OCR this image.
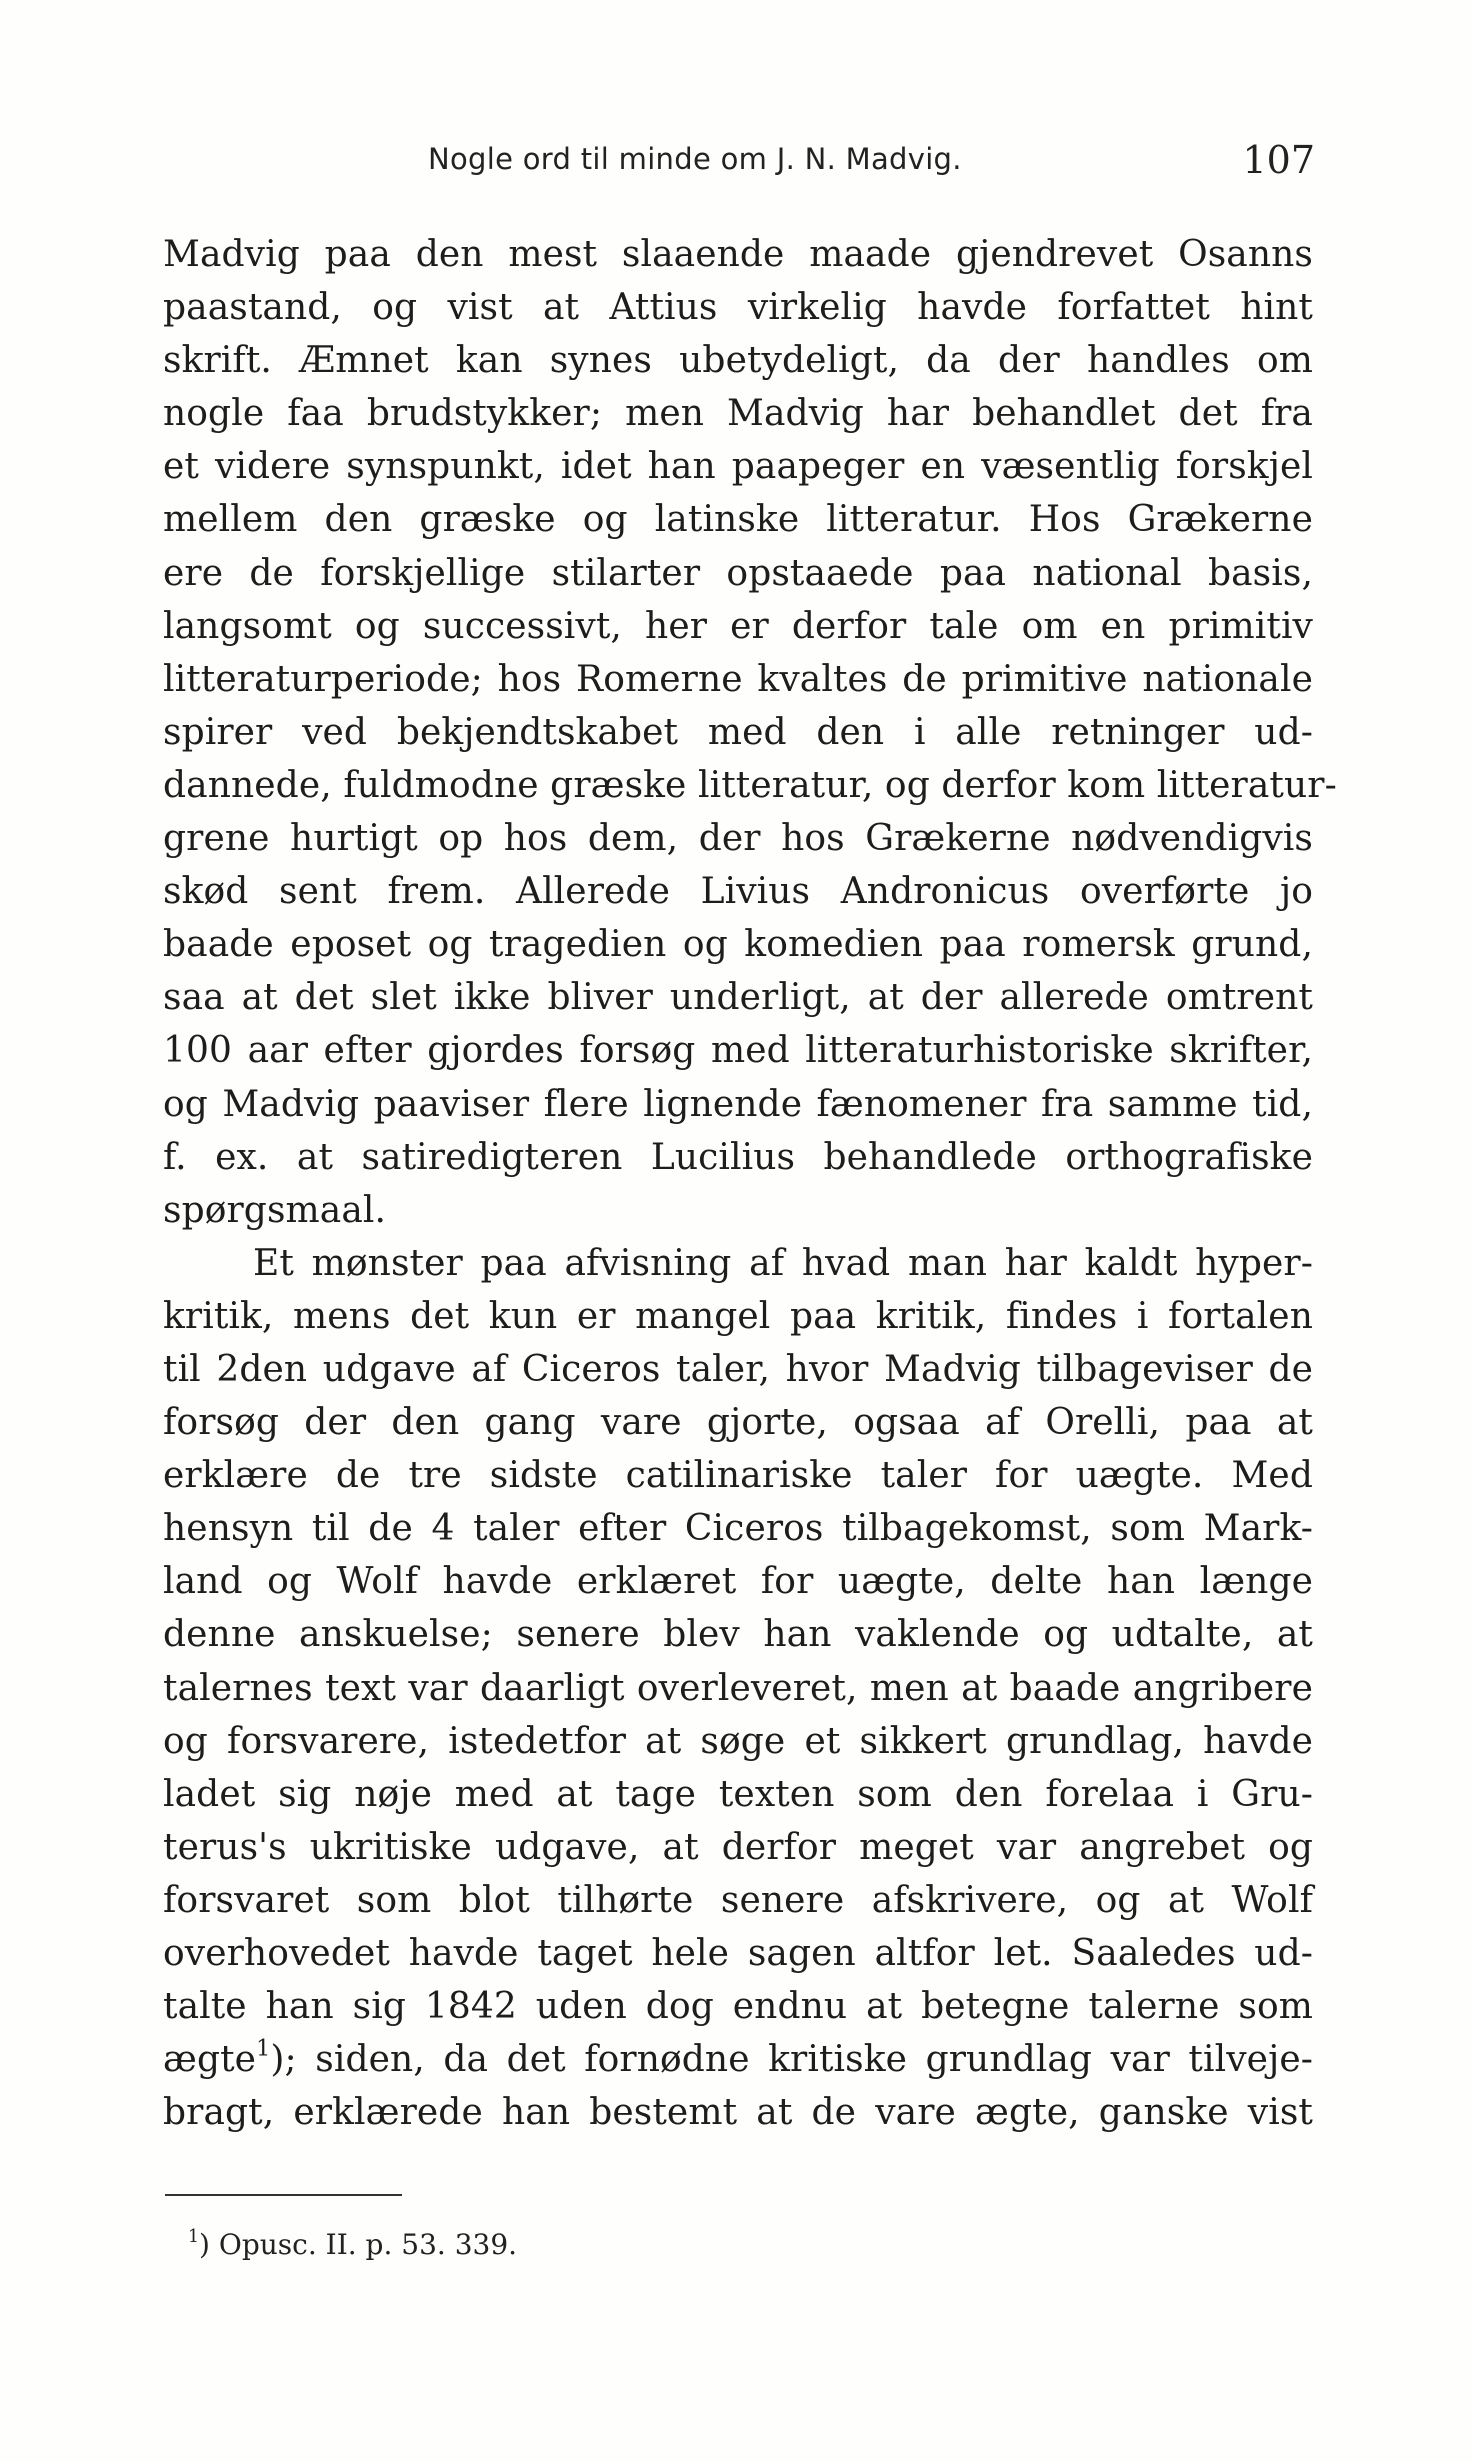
Nogle ord til minde om J. N. Madvig.	107
Madvig paa den mest slaaende maade gjendrevet Osanns
paastand, og vist at Attius virkelig havde forfattet hint
skrift. Æmnet kan synes ubetydeligt, da der handles om
nogle faa brudstykker; men Madvig har behandlet det fra
et videre synspunkt, idet han paapeger en væsentlig forskjel
mellem den græske og latinske litteratur. Hos Grækerne
ere de forskjellige stilarter opstaaede paa national basis,
langsomt og successivt, her er derfor tale om en primitiv
litteraturperiode; hos Romerne kvaltes de primitive nationale
spirer ved bekjendtskabet med den i alle retninger ud-
dannede, fuldmodne græske litteratur, og derfor kom litteratur-
grene hurtigt op hos dem, der hos Grækerne nødvendigvis
skød sent frem. Allerede Livius Andronicus overførte jo
baade eposet og tragedien og komedien paa romersk grund,
saa at det slet ikke bliver underligt, at der allerede omtrent
100 aar efter gjordes forsøg med litteraturhistoriske skrifter,
og Madvig paaviser flere lignende fænomener fra samme tid,
f. ex. at satiredigteren Lucilius behandlede orthografiske
spørgsmaal.
Et mønster paa afvisning af hvad man har kaldt hyper-
kritik, mens det kun er mangel paa kritik, findes i fortalen
til 2den udgave af Ciceros taler, hvor Madvig tilbageviser de
forsøg der den gang vare gjorte, ogsaa af Orelli, paa at
erklære de tre sidste catilinariske taler for uægte. Med
hensyn til de 4 taler efter Ciceros tilbagekomst, som Mark-
land og Wolf havde erklæret for uægte, delte han længe
denne anskuelse; senere blev han vaklende og udtalte, at
talernes text var daarligt overleveret, men at baade angribere
og forsvarere, istedetfor at søge et sikkert grundlag, havde
ladet sig nøje med at tage texten som den forelaa i Gru-
terus's ukritiske udgave, at derfor meget var angrebet og
forsvaret som blot tilhørte senere afskrivere, og at Wolf
overhovedet havde taget hele sagen altfor let. Saaledes ud-
talte han sig 1842 uden dog endnu at betegne talerne som
ægte$^1$); siden, da det fornødne kritiske grundlag var tilveje-
bragt, erklærede han bestemt at de vare ægte, ganske vist
$^1$) Opusc. II. p. 53. 339.
